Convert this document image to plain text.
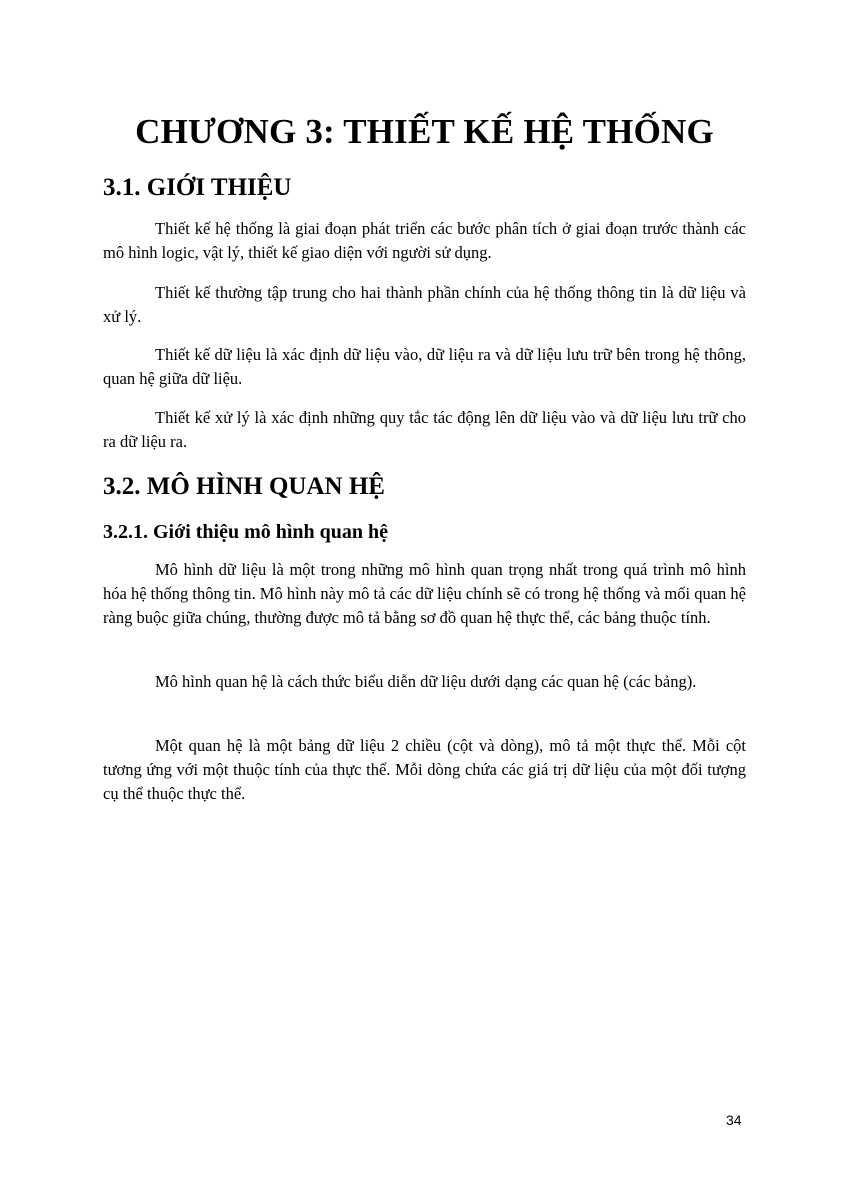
CHƯƠNG 3: THIẾT KẾ HỆ THỐNG
3.1. GIỚI THIỆU

Thiết kế hệ thống là giai đoạn phát triển các bước phân tích ở giai đoạn trước thành các mô hình logic, vật lý, thiết kế giao diện với người sử dụng.

Thiết kế thường tập trung cho hai thành phần chính của hệ thống thông tin là dữ liệu và xử lý.

Thiết kế dữ liệu là xác định dữ liệu vào, dữ liệu ra và dữ liệu lưu trữ bên trong hệ thông, quan hệ giữa dữ liệu.

Thiết kế xử lý là xác định những quy tắc tác động lên dữ liệu vào và dữ liệu lưu trữ cho ra dữ liệu ra.

3.2. MÔ HÌNH QUAN HỆ
3.2.1. Giới thiệu mô hình quan hệ

Mô hình dữ liệu là một trong những mô hình quan trọng nhất trong quá trình mô hình hóa hệ thống thông tin. Mô hình này mô tả các dữ liệu chính sẽ có trong hệ thống và mối quan hệ ràng buộc giữa chúng, thường được mô tả bằng sơ đồ quan hệ thực thể, các bảng thuộc tính.

Mô hình quan hệ là cách thức biểu diễn dữ liệu dưới dạng các quan hệ (các bảng).

Một quan hệ là một bảng dữ liệu 2 chiều (cột và dòng), mô tả một thực thể. Mỗi cột tương ứng với một thuộc tính của thực thể. Mỗi dòng chứa các giá trị dữ liệu của một đối tượng cụ thể thuộc thực thể.

34
